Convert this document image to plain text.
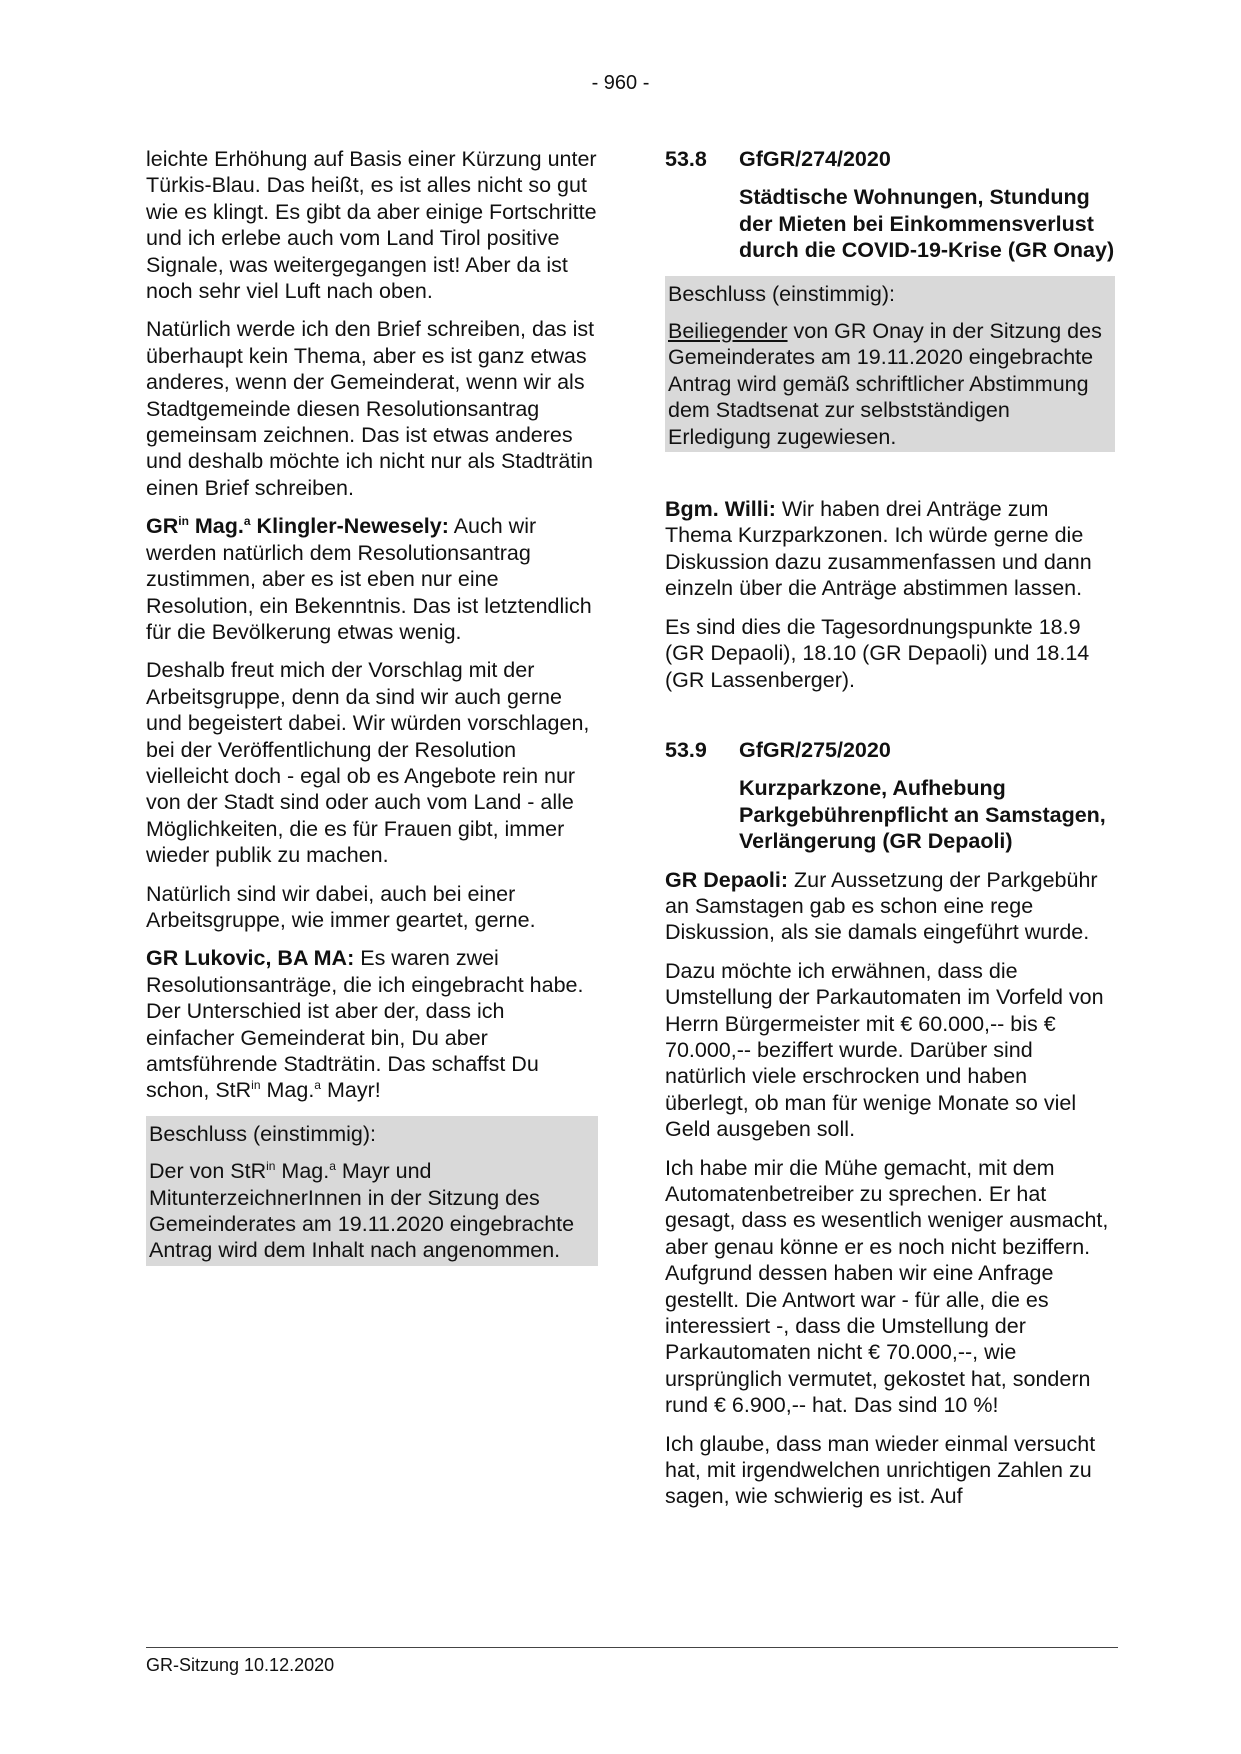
- 960 -

leichte Erhöhung auf Basis einer Kürzung unter Türkis-Blau. Das heißt, es ist alles nicht so gut wie es klingt. Es gibt da aber einige Fortschritte und ich erlebe auch vom Land Tirol positive Signale, was weitergegangen ist! Aber da ist noch sehr viel Luft nach oben.

Natürlich werde ich den Brief schreiben, das ist überhaupt kein Thema, aber es ist ganz etwas anderes, wenn der Gemeinderat, wenn wir als Stadtgemeinde diesen Resolutionsantrag gemeinsam zeichnen. Das ist etwas anderes und deshalb möchte ich nicht nur als Stadträtin einen Brief schreiben.

$GR^{in}$ Mag.$^a$ Klingler-Newesely: Auch wir werden natürlich dem Resolutionsantrag zustimmen, aber es ist eben nur eine Resolution, ein Bekenntnis. Das ist letztendlich für die Bevölkerung etwas wenig.

Deshalb freut mich der Vorschlag mit der Arbeitsgruppe, denn da sind wir auch gerne und begeistert dabei. Wir würden vorschlagen, bei der Veröffentlichung der Resolution vielleicht doch - egal ob es Angebote rein nur von der Stadt sind oder auch vom Land - alle Möglichkeiten, die es für Frauen gibt, immer wieder publik zu machen.

Natürlich sind wir dabei, auch bei einer Arbeitsgruppe, wie immer geartet, gerne.

GR Lukovic, BA MA: Es waren zwei Resolutionsanträge, die ich eingebracht habe. Der Unterschied ist aber der, dass ich einfacher Gemeinderat bin, Du aber amtsführende Stadträtin. Das schaffst Du schon, StR$^{in}$ Mag.$^a$ Mayr!

Beschluss (einstimmig):

Der von StR$^{in}$ Mag.$^a$ Mayr und MitunterzeichnerInnen in der Sitzung des Gemeinderates am 19.11.2020 eingebrachte Antrag wird dem Inhalt nach angenommen.

53.8 GfGR/274/2020
Städtische Wohnungen, Stundung der Mieten bei Einkommensverlust durch die COVID-19-Krise (GR Onay)

Beschluss (einstimmig):

Beiliegender von GR Onay in der Sitzung des Gemeinderates am 19.11.2020 eingebrachte Antrag wird gemäß schriftlicher Abstimmung dem Stadtsenat zur selbstständigen Erledigung zugewiesen.

Bgm. Willi: Wir haben drei Anträge zum Thema Kurzparkzonen. Ich würde gerne die Diskussion dazu zusammenfassen und dann einzeln über die Anträge abstimmen lassen.

Es sind dies die Tagesordnungspunkte 18.9 (GR Depaoli), 18.10 (GR Depaoli) und 18.14 (GR Lassenberger).

53.9 GfGR/275/2020
Kurzparkzone, Aufhebung Parkgebührenpflicht an Samstagen, Verlängerung (GR Depaoli)

GR Depaoli: Zur Aussetzung der Parkgebühr an Samstagen gab es schon eine rege Diskussion, als sie damals eingeführt wurde.

Dazu möchte ich erwähnen, dass die Umstellung der Parkautomaten im Vorfeld von Herrn Bürgermeister mit € 60.000,-- bis € 70.000,-- beziffert wurde. Darüber sind natürlich viele erschrocken und haben überlegt, ob man für wenige Monate so viel Geld ausgeben soll.

Ich habe mir die Mühe gemacht, mit dem Automatenbetreiber zu sprechen. Er hat gesagt, dass es wesentlich weniger ausmacht, aber genau könne er es noch nicht beziffern. Aufgrund dessen haben wir eine Anfrage gestellt. Die Antwort war - für alle, die es interessiert -, dass die Umstellung der Parkautomaten nicht € 70.000,--, wie ursprünglich vermutet, gekostet hat, sondern rund € 6.900,-- hat. Das sind 10 %!

Ich glaube, dass man wieder einmal versucht hat, mit irgendwelchen unrichtigen Zahlen zu sagen, wie schwierig es ist. Auf

GR-Sitzung 10.12.2020
